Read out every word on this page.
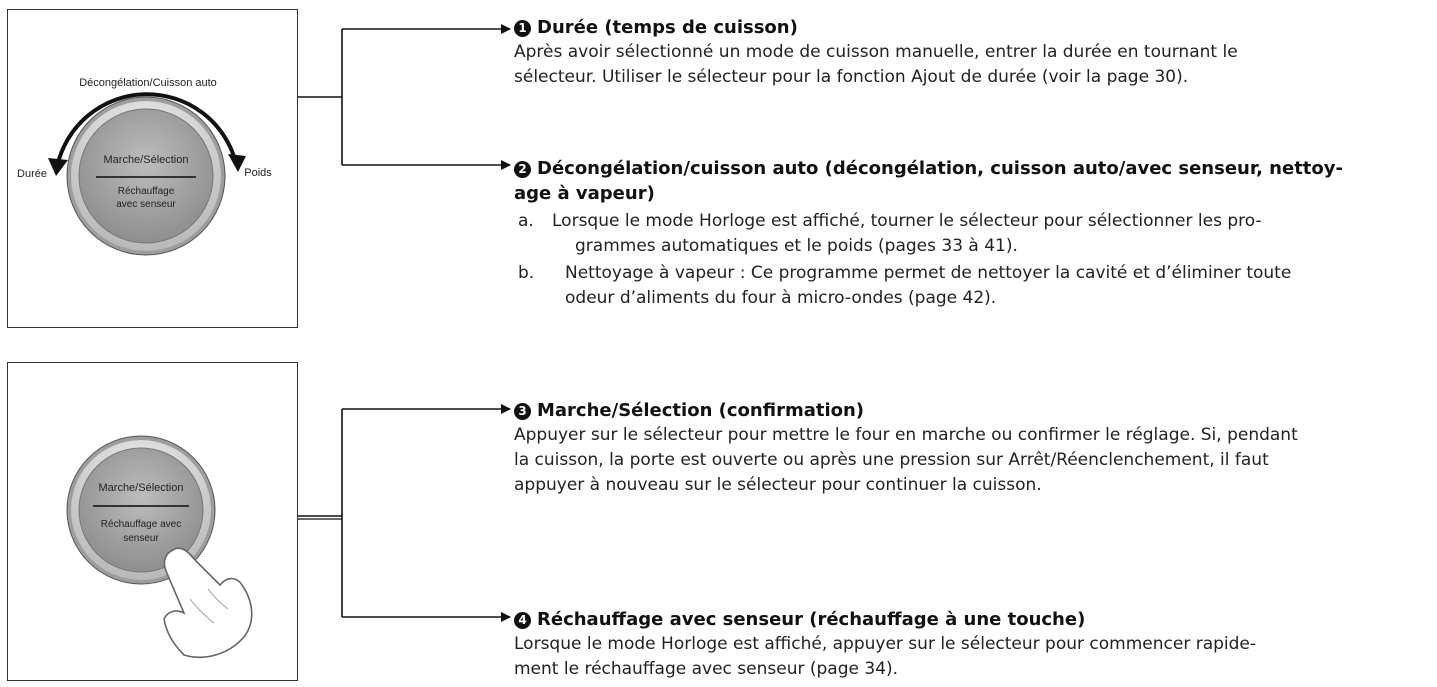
Décongélation/Cuisson auto
Durée	Poids
Marche/Sélection
Réchauffage
avec senseur
Marche/Sélection
Réchauffage avec
senseur
1 Durée (temps de cuisson)
Après avoir sélectionné un mode de cuisson manuelle, entrer la durée en tournant le
sélecteur. Utiliser le sélecteur pour la fonction Ajout de durée (voir la page 30).
2 Décongélation/cuisson auto (décongélation, cuisson auto/avec senseur, nettoy-
age à vapeur)
a.	Lorsque le mode Horloge est affiché, tourner le sélecteur pour sélectionner les pro-
grammes automatiques et le poids (pages 33 à 41).
b.	Nettoyage à vapeur : Ce programme permet de nettoyer la cavité et d’éliminer toute
odeur d’aliments du four à micro-ondes (page 42).
3 Marche/Sélection (confirmation)
Appuyer sur le sélecteur pour mettre le four en marche ou confirmer le réglage. Si, pendant
la cuisson, la porte est ouverte ou après une pression sur Arrêt/Réenclenchement, il faut
appuyer à nouveau sur le sélecteur pour continuer la cuisson.
4 Réchauffage avec senseur (réchauffage à une touche)
Lorsque le mode Horloge est affiché, appuyer sur le sélecteur pour commencer rapide-
ment le réchauffage avec senseur (page 34).
